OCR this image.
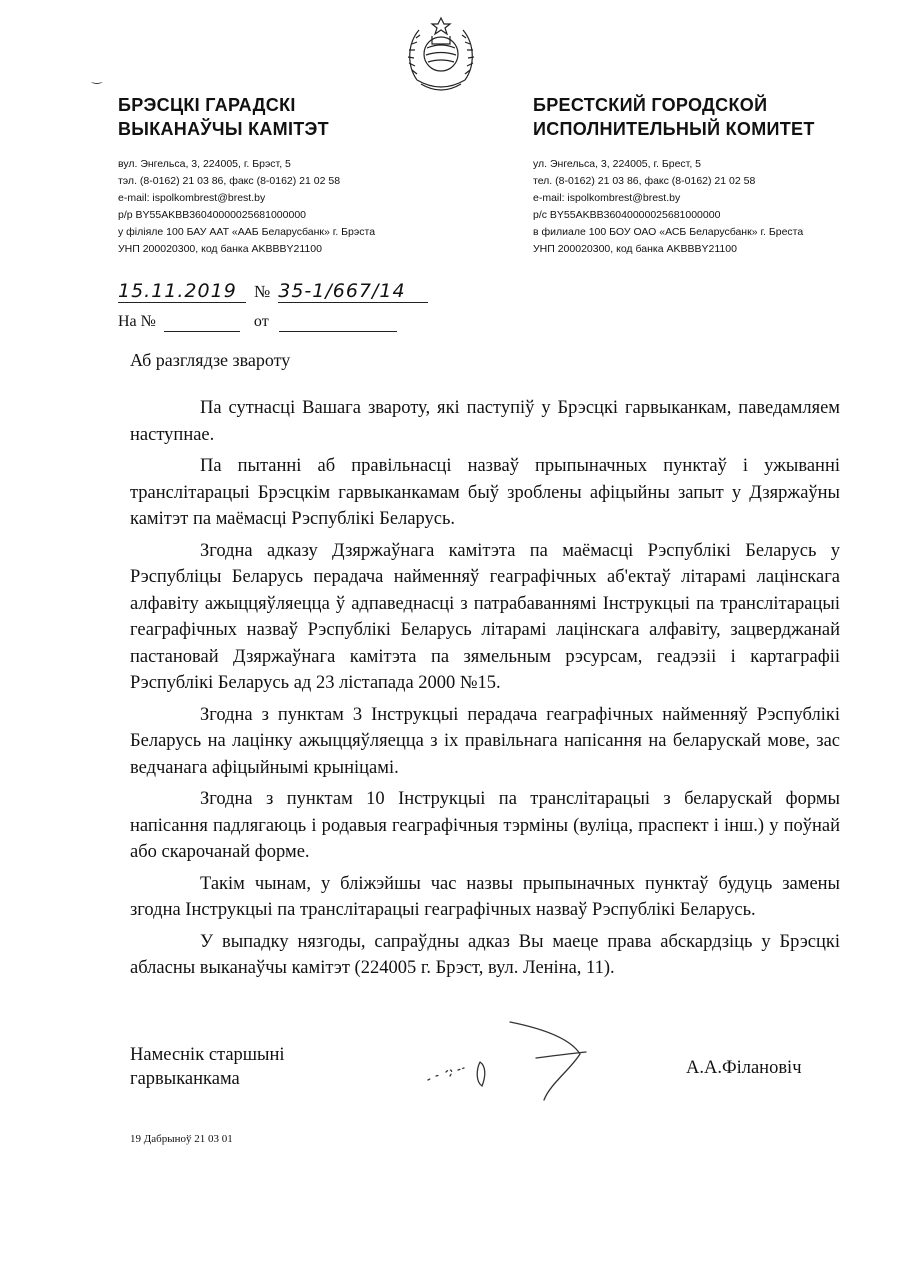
‿
БРЭСЦКІ ГАРАДСКІ
ВЫКАНАЎЧЫ КАМІТЭТ
вул. Энгельса, 3, 224005, г. Брэст, 5
тэл. (8-0162) 21 03 86, факс (8-0162) 21 02 58
e-mail: ispolkombrest@brest.by
р/р BY55AKBB36040000025681000000
у філіяле 100 БАУ ААТ «ААБ Беларусбанк» г. Брэста
УНП 200020300, код банка AKBBBY21100
БРЕСТСКИЙ ГОРОДСКОЙ
ИСПОЛНИТЕЛЬНЫЙ КОМИТЕТ
ул. Энгельса, 3, 224005, г. Брест, 5
тел. (8-0162) 21 03 86, факс (8-0162) 21 02 58
e-mail: ispolkombrest@brest.by
р/с BY55AKBB36040000025681000000
в филиале 100 БОУ ОАО «АСБ Беларусбанк» г. Бреста
УНП 200020300, код банка AKBBBY21100
15.11.2019 № 35-1/667/14
На №	от
Аб разглядзе звароту

Па сутнасці Вашага звароту, які паступіў у Брэсцкі гарвыканкам, паведамляем наступнае.

Па пытанні аб правільнасці назваў прыпыначных пунктаў і ужыванні транслітарацыі Брэсцкім гарвыканкамам быў зроблены афіцыйны запыт у Дзяржаўны камітэт па маёмасці Рэспублікі Беларусь.

Згодна адказу Дзяржаўнага камітэта па маёмасці Рэспублікі Беларусь у Рэспубліцы Беларусь перадача найменняў геаграфічных аб'ектаў літарамі лацінскага алфавіту ажыццяўляецца ў адпаведнасці з патрабаваннямі Інструкцыі па транслітарацыі геаграфічных назваў Рэспублікі Беларусь літарамі лацінскага алфавіту, зацверджанай пастановай Дзяржаўнага камітэта па зямельным рэсурсам, геадэзіі і картаграфіі Рэспублікі Беларусь ад 23 лістапада 2000 №15.

Згодна з пунктам 3 Інструкцыі перадача геаграфічных найменняў Рэспублікі Беларусь на лацінку ажыццяўляецца з іх правільнага напісання на беларускай мове, зас ведчанага афіцыйнымі крыніцамі.

Згодна з пунктам 10 Інструкцыі па транслітарацыі з беларускай формы напісання падлягаюць і родавыя геаграфічныя тэрміны (вуліца, праспект і інш.) у поўнай або скарочанай форме.

Такім чынам, у бліжэйшы час назвы прыпыначных пунктаў будуць замены згодна Інструкцыі па транслітарацыі геаграфічных назваў Рэспублікі Беларусь.

У выпадку нязгоды, сапраўдны адказ Вы маеце права абскардзіць у Брэсцкі абласны выканаўчы камітэт (224005 г. Брэст, вул. Леніна, 11).

Намеснік старшыні
гарвыканкама
А.А.Філановіч
19 Дабрыноў 21 03 01
